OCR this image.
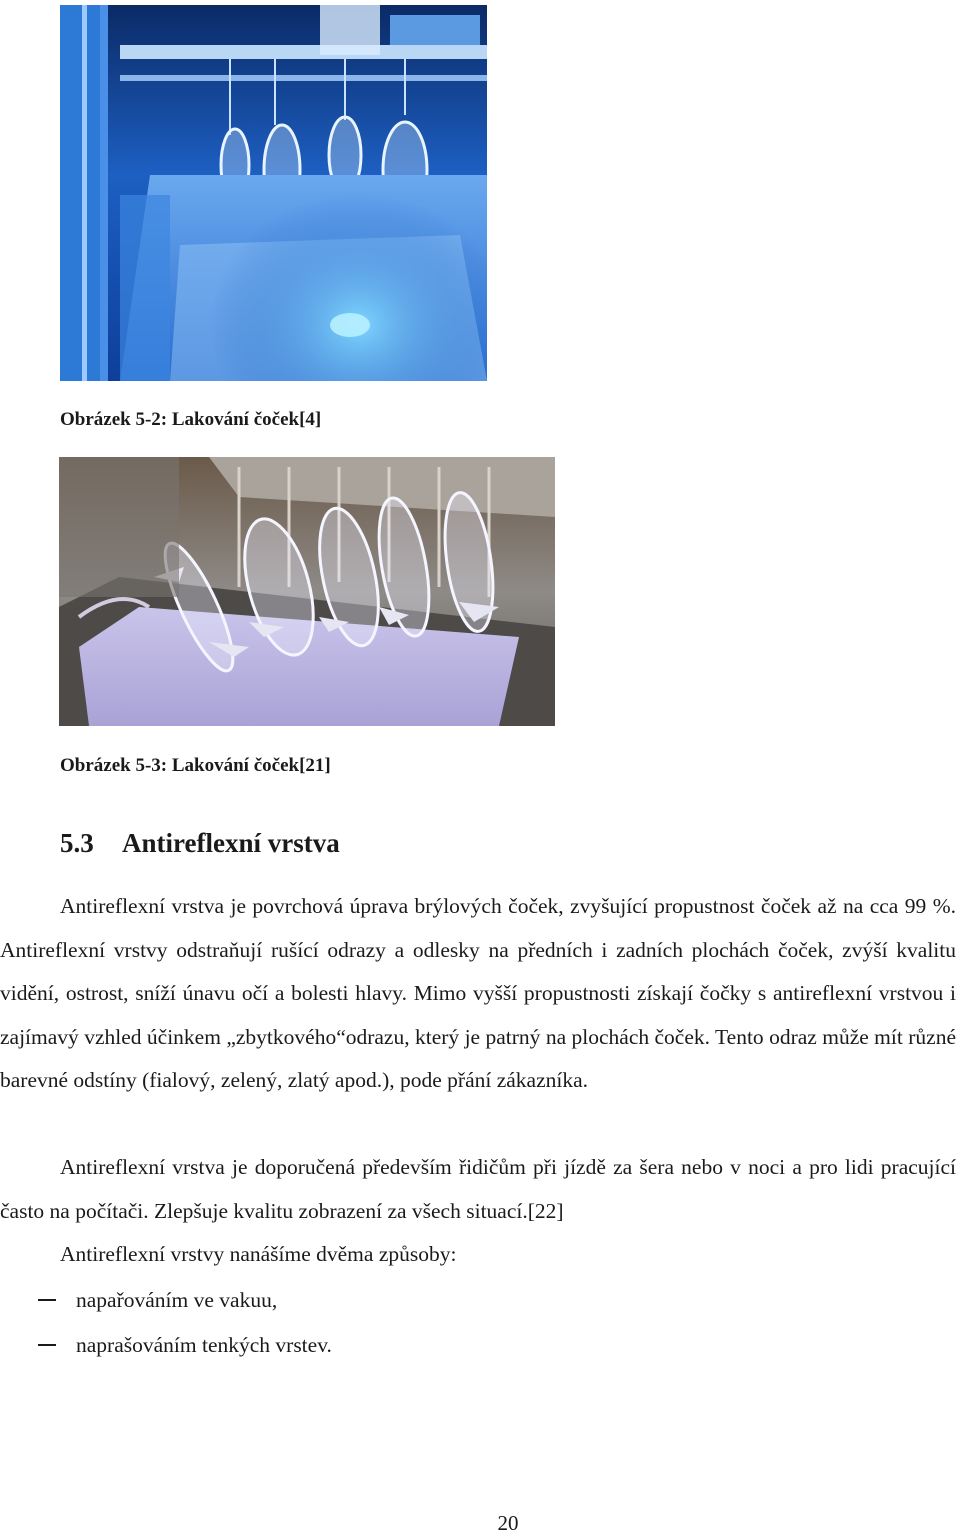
Obrázek 5-2: Lakování čoček[4]
Obrázek 5-3: Lakování čoček[21]
5.3 Antireflexní vrstva

Antireflexní vrstva je povrchová úprava brýlových čoček, zvyšující propustnost čoček až na cca 99 %. Antireflexní vrstvy odstraňují rušící odrazy a odlesky na předních i zadních plochách čoček, zvýší kvalitu vidění, ostrost, sníží únavu očí a bolesti hlavy. Mimo vyšší propustnosti získají čočky s antireflexní vrstvou i zajímavý vzhled účinkem „zbytkového“odrazu, který je patrný na plochách čoček. Tento odraz může mít různé barevné odstíny (fialový, zelený, zlatý apod.), pode přání zákazníka.

Antireflexní vrstva je doporučená především řidičům při jízdě za šera nebo v noci a pro lidi pracující často na počítači. Zlepšuje kvalitu zobrazení za všech situací.[22]

Antireflexní vrstvy nanášíme dvěma způsoby:

napařováním ve vakuu,
naprašováním tenkých vrstev.
20
